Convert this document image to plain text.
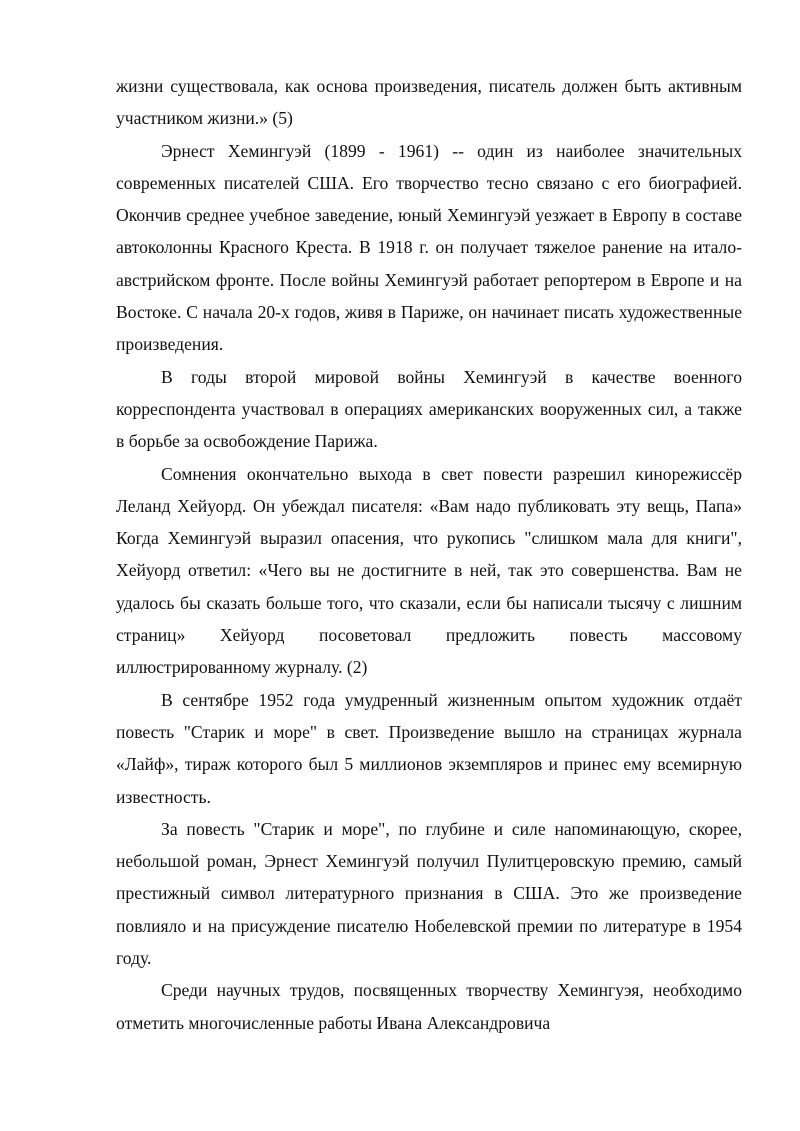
жизни существовала, как основа произведения, писатель должен быть активным участником жизни.» (5)

Эрнест Хемингуэй (1899 - 1961) -- один из наиболее значительных современных писателей США. Его творчество тесно связано с его биографией. Окончив среднее учебное заведение, юный Хемингуэй уезжает в Европу в составе автоколонны Красного Креста. В 1918 г. он получает тяжелое ранение на итало-австрийском фронте. После войны Хемингуэй работает репортером в Европе и на Востоке. С начала 20-х годов, живя в Париже, он начинает писать художественные произведения.

В годы второй мировой войны Хемингуэй в качестве военного корреспондента участвовал в операциях американских вооруженных сил, а также в борьбе за освобождение Парижа.

Сомнения окончательно выхода в свет повести разрешил кинорежиссёр Леланд Хейуорд. Он убеждал писателя: «Вам надо публиковать эту вещь, Папа» Когда Хемингуэй выразил опасения, что рукопись "слишком мала для книги", Хейуорд ответил: «Чего вы не достигните в ней, так это совершенства. Вам не удалось бы сказать больше того, что сказали, если бы написали тысячу с лишним страниц» Хейуорд посоветовал предложить повесть массовому иллюстрированному журналу. (2)

В сентябре 1952 года умудренный жизненным опытом художник отдаёт повесть "Старик и море" в свет. Произведение вышло на страницах журнала «Лайф», тираж которого был 5 миллионов экземпляров и принес ему всемирную известность.

За повесть "Старик и море", по глубине и силе напоминающую, скорее, небольшой роман, Эрнест Хемингуэй получил Пулитцеровскую премию, самый престижный символ литературного признания в США. Это же произведение повлияло и на присуждение писателю Нобелевской премии по литературе в 1954 году.

Среди научных трудов, посвященных творчеству Хемингуэя, необходимо отметить многочисленные работы Ивана Александровича
